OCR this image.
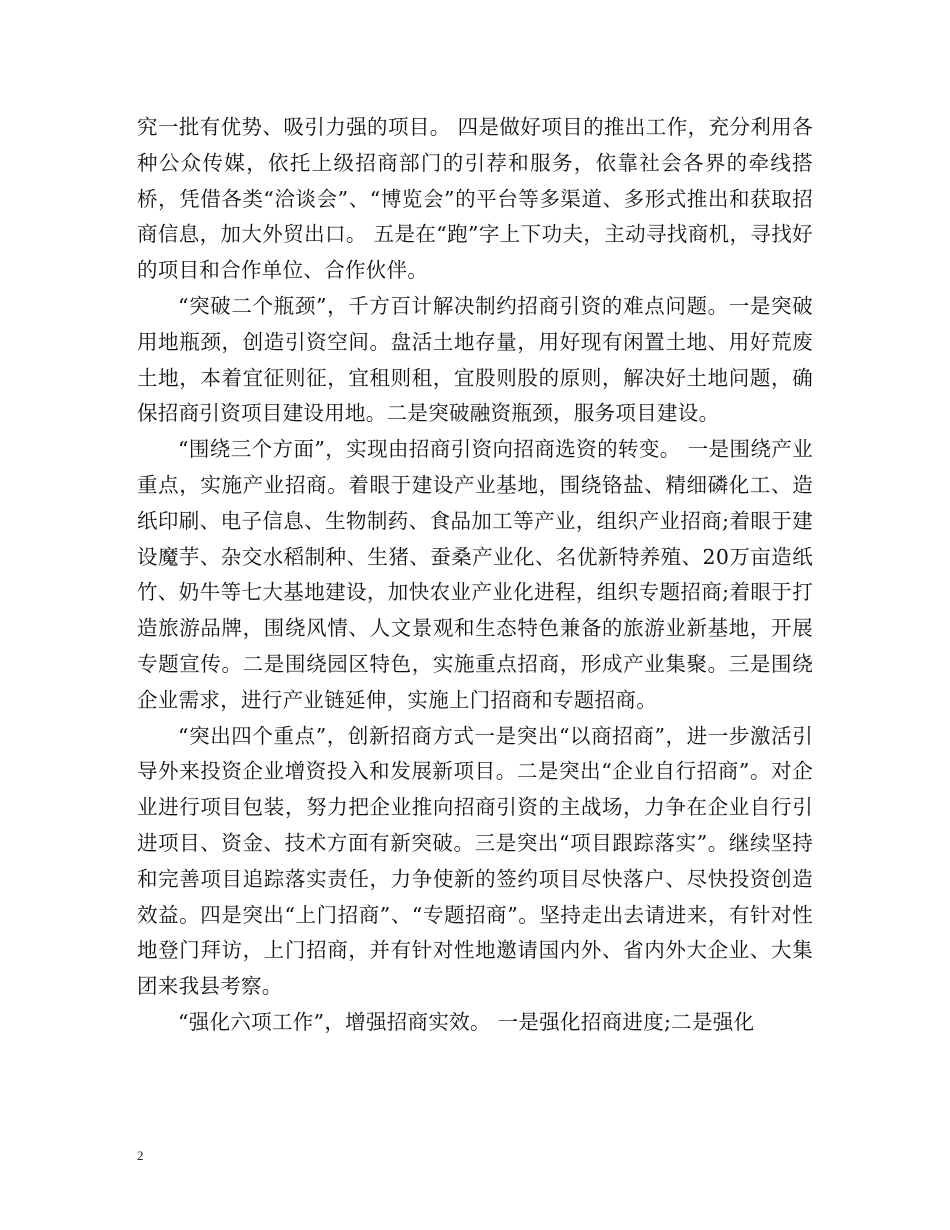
究一批有优势、吸引力强的项目。 四是做好项目的推出工作，充分利用各种公众传媒，依托上级招商部门的引荐和服务，依靠社会各界的牵线搭桥，凭借各类“洽谈会”、“博览会”的平台等多渠道、多形式推出和获取招商信息，加大外贸出口。 五是在“跑”字上下功夫，主动寻找商机，寻找好的项目和合作单位、合作伙伴。

“突破二个瓶颈”，千方百计解决制约招商引资的难点问题。一是突破用地瓶颈，创造引资空间。盘活土地存量，用好现有闲置土地、用好荒废土地，本着宜征则征，宜租则租，宜股则股的原则，解决好土地问题，确保招商引资项目建设用地。二是突破融资瓶颈，服务项目建设。

“围绕三个方面”，实现由招商引资向招商选资的转变。 一是围绕产业重点，实施产业招商。着眼于建设产业基地，围绕铬盐、精细磷化工、造纸印刷、电子信息、生物制药、食品加工等产业，组织产业招商;着眼于建设魔芋、杂交水稻制种、生猪、蚕桑产业化、名优新特养殖、20万亩造纸竹、奶牛等七大基地建设，加快农业产业化进程，组织专题招商;着眼于打造旅游品牌，围绕风情、人文景观和生态特色兼备的旅游业新基地，开展专题宣传。二是围绕园区特色，实施重点招商，形成产业集聚。三是围绕企业需求，进行产业链延伸，实施上门招商和专题招商。

“突出四个重点”，创新招商方式一是突出“以商招商”，进一步激活引导外来投资企业增资投入和发展新项目。二是突出“企业自行招商”。对企业进行项目包装，努力把企业推向招商引资的主战场，力争在企业自行引进项目、资金、技术方面有新突破。三是突出“项目跟踪落实”。继续坚持和完善项目追踪落实责任，力争使新的签约项目尽快落户、尽快投资创造效益。四是突出“上门招商”、“专题招商”。坚持走出去请进来，有针对性地登门拜访，上门招商，并有针对性地邀请国内外、省内外大企业、大集团来我县考察。

“强化六项工作”，增强招商实效。 一是强化招商进度;二是强化

2
